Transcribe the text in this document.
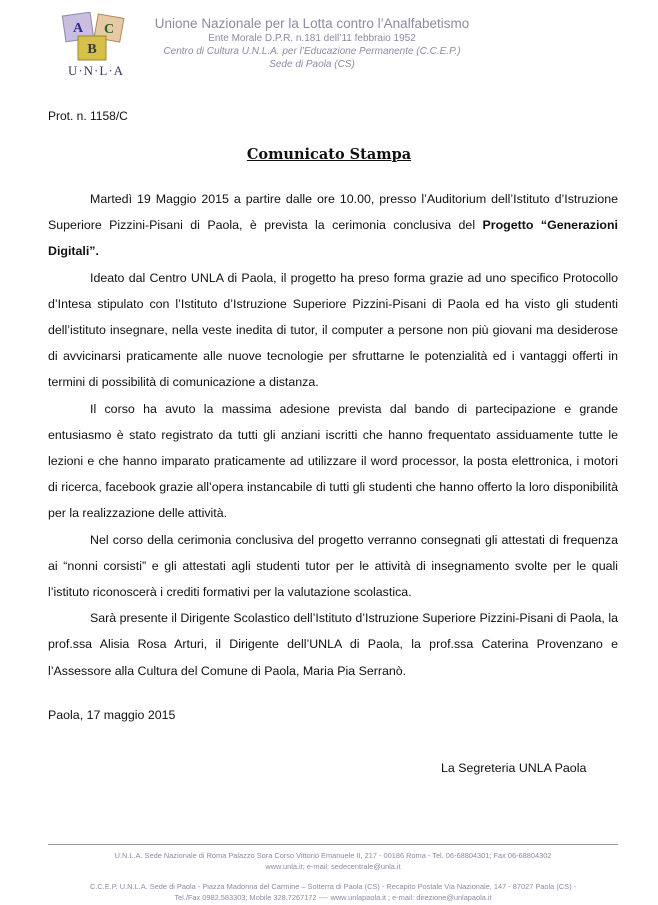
A C
B
U·N·L·A
Unione Nazionale per la Lotta contro l’Analfabetismo
Ente Morale D.P.R. n.181 dell’11 febbraio 1952
Centro di Cultura U.N.L.A. per l’Educazione Permanente (C.C.E.P.)
Sede di Paola (CS)
Prot. n. 1158/C
Comunicato Stampa

Martedì 19 Maggio 2015 a partire dalle ore 10.00, presso l’Auditorium dell’Istituto d’Istruzione Superiore Pizzini-Pisani di Paola, è prevista la cerimonia conclusiva del Progetto “Generazioni Digitali”.

Ideato dal Centro UNLA di Paola, il progetto ha preso forma grazie ad uno specifico Protocollo d’Intesa stipulato con l’Istituto d’Istruzione Superiore Pizzini-Pisani di Paola ed ha visto gli studenti dell’istituto insegnare, nella veste inedita di tutor, il computer a persone non più giovani ma desiderose di avvicinarsi praticamente alle nuove tecnologie per sfruttarne le potenzialità ed i vantaggi offerti in termini di possibilità di comunicazione a distanza.

Il corso ha avuto la massima adesione prevista dal bando di partecipazione e grande entusiasmo è stato registrato da tutti gli anziani iscritti che hanno frequentato assiduamente tutte le lezioni e che hanno imparato praticamente ad utilizzare il word processor, la posta elettronica, i motori di ricerca, facebook grazie all’opera instancabile di tutti gli studenti che hanno offerto la loro disponibilità per la realizzazione delle attività.

Nel corso della cerimonia conclusiva del progetto verranno consegnati gli attestati di frequenza ai “nonni corsisti” e gli attestati agli studenti tutor per le attività di insegnamento svolte per le quali l’istituto riconoscerà i crediti formativi per la valutazione scolastica.

Sarà presente il Dirigente Scolastico dell’Istituto d’Istruzione Superiore Pizzini-Pisani di Paola, la prof.ssa Alisia Rosa Arturi, il Dirigente dell’UNLA di Paola, la prof.ssa Caterina Provenzano e l’Assessore alla Cultura del Comune di Paola, Maria Pia Serranò.

Paola, 17 maggio 2015
La Segreteria UNLA Paola
U.N.L.A. Sede Nazionale di Roma Palazzo Sora Corso Vittorio Emanuele II, 217 - 00186 Roma - Tel. 06-68804301; Fax 06-68804302
www.unla.it; e-mail: sedecentrale@unla.it
C.C.E.P. U.N.L.A. Sede di Paola - Piazza Madonna del Carmine – Sotterra di Paola (CS) - Recapito Postale Via Nazionale, 147 - 87027 Paola (CS) -
Tel./Fax 0982.583303; Mobile 328.7267172 ---- www.unlapaola.it ; e-mail: direzione@unlapaola.it
